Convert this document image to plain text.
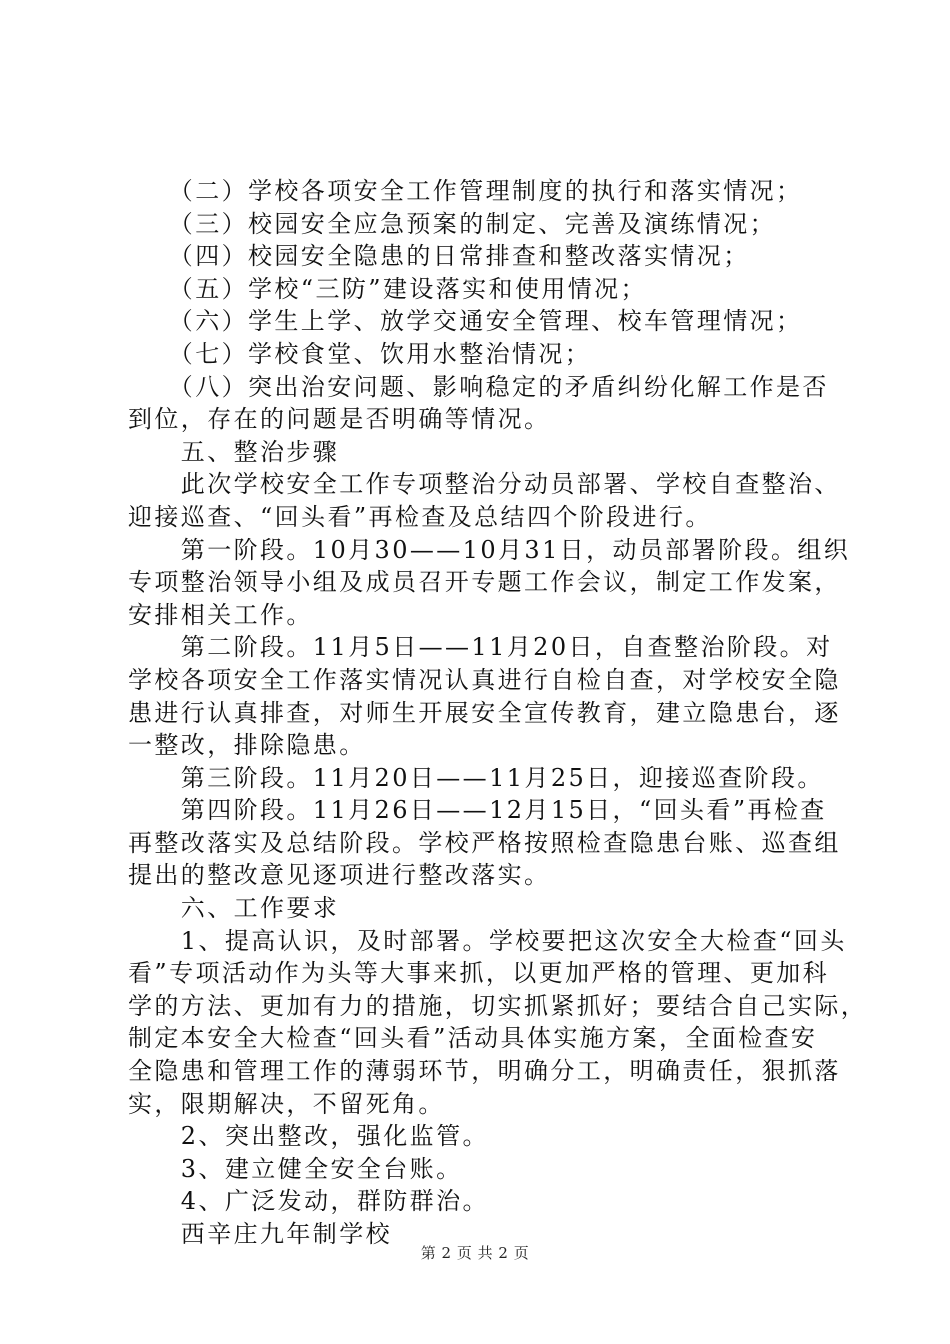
　　（二）学校各项安全工作管理制度的执行和落实情况；
　　（三）校园安全应急预案的制定、完善及演练情况；
　　（四）校园安全隐患的日常排查和整改落实情况；
　　（五）学校“三防”建设落实和使用情况；
　　（六）学生上学、放学交通安全管理、校车管理情况；
　　（七）学校食堂、饮用水整治情况；
　　（八）突出治安问题、影响稳定的矛盾纠纷化解工作是否
到位，存在的问题是否明确等情况。
　　五、整治步骤
　　此次学校安全工作专项整治分动员部署、学校自查整治、
迎接巡查、“回头看”再检查及总结四个阶段进行。
　　第一阶段。10月30——10月31日，动员部署阶段。组织
专项整治领导小组及成员召开专题工作会议，制定工作发案，
安排相关工作。
　　第二阶段。11月5日——11月20日，自查整治阶段。对
学校各项安全工作落实情况认真进行自检自查，对学校安全隐
患进行认真排查，对师生开展安全宣传教育，建立隐患台，逐
一整改，排除隐患。
　　第三阶段。11月20日——11月25日，迎接巡查阶段。
　　第四阶段。11月26日——12月15日，“回头看”再检查
再整改落实及总结阶段。学校严格按照检查隐患台账、巡查组
提出的整改意见逐项进行整改落实。
　　六、工作要求
　　1、提高认识，及时部署。学校要把这次安全大检查“回头
看”专项活动作为头等大事来抓，以更加严格的管理、更加科
学的方法、更加有力的措施，切实抓紧抓好；要结合自己实际，
制定本安全大检查“回头看”活动具体实施方案，全面检查安
全隐患和管理工作的薄弱环节，明确分工，明确责任，狠抓落
实，限期解决，不留死角。
　　2、突出整改，强化监管。
　　3、建立健全安全台账。
　　4、广泛发动，群防群治。
　　西辛庄九年制学校
第 2 页 共 2 页
